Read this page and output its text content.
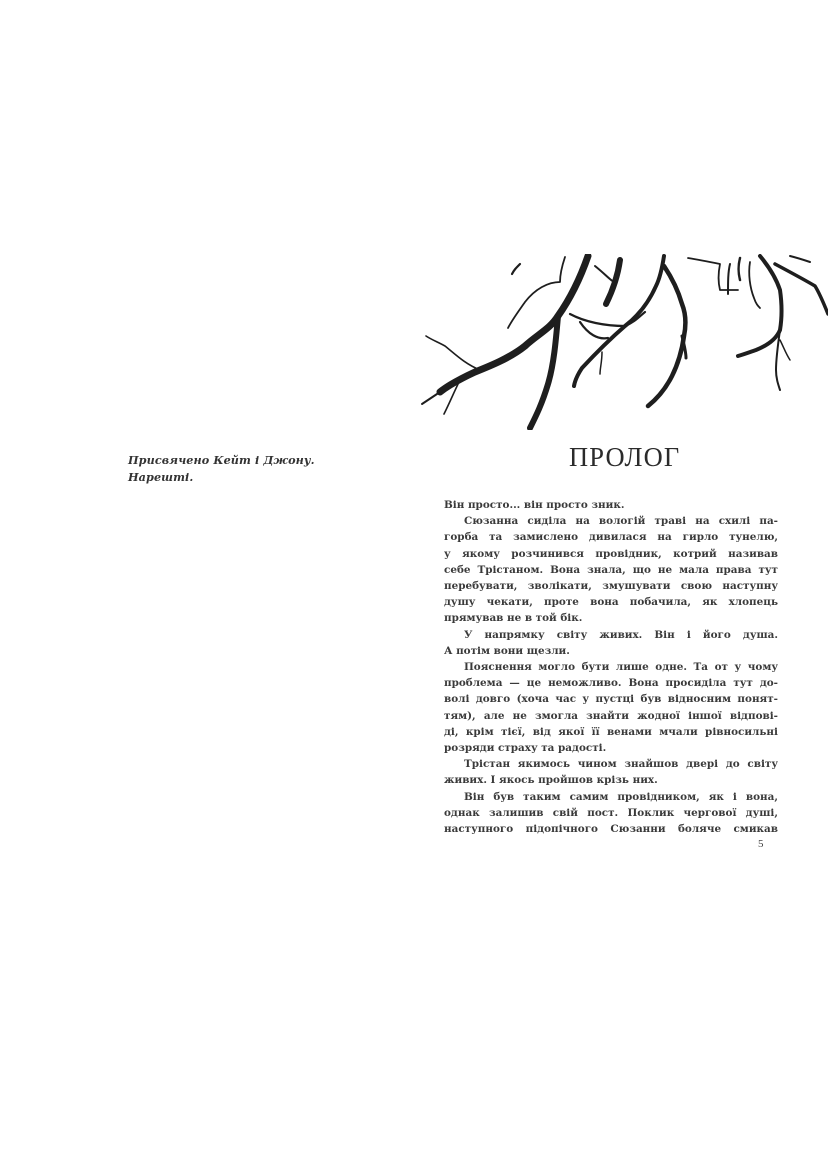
Присвячено Кейт і Джону.
Нарешті.
ПРОЛОГ
Він просто... він просто зник.
Сюзанна сиділа на вологій траві на схилі па-
горба та замислено дивилася на гирло тунелю,
у якому розчинився провідник, котрий називав
себе Трістаном. Вона знала, що не мала права тут
перебувати, зволікати, змушувати свою наступну
душу чекати, проте вона побачила, як хлопець
прямував не в той бік.
У напрямку світу живих. Він і його душа.
А потім вони щезли.
Пояснення могло бути лише одне. Та от у чому
проблема — це неможливо. Вона просиділа тут до-
волі довго (хоча час у пустці був відносним понят-
тям), але не змогла знайти жодної іншої відпові-
ді, крім тієї, від якої її венами мчали рівносильні
розряди страху та радості.
Трістан якимось чином знайшов двері до світу
живих. І якось пройшов крізь них.
Він був таким самим провідником, як і вона,
однак залишив свій пост. Поклик чергової душі,
наступного підопічного Сюзанни боляче смикав
5
